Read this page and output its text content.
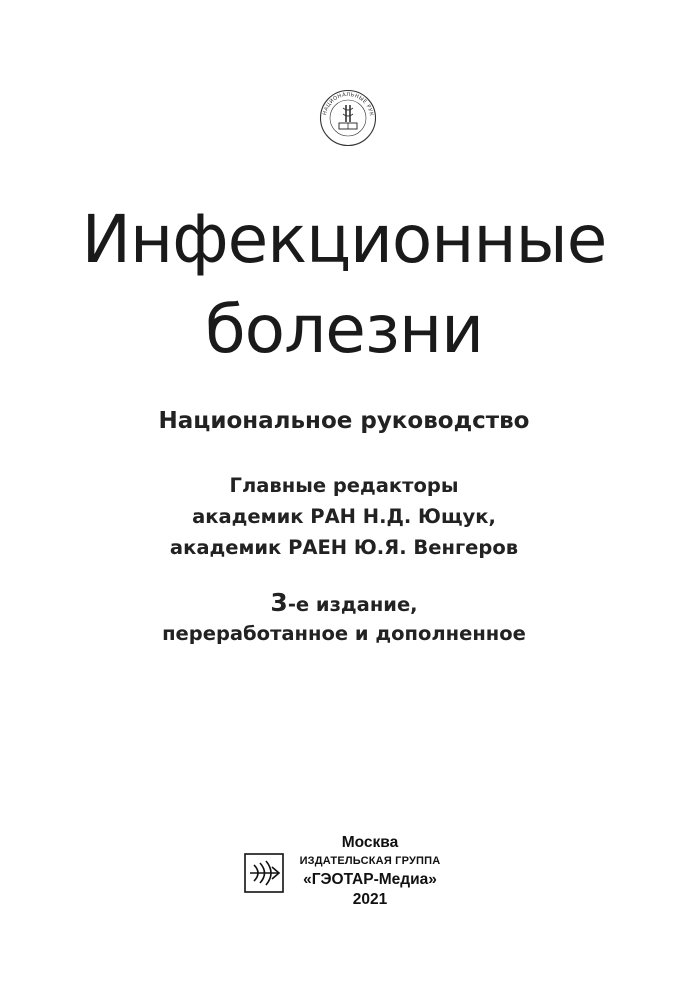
НАЦИОНАЛЬНЫЕ РУК
Инфекционные
болезни
Национальное руководство
Главные редакторы
академик РАН Н.Д. Ющук,
академик РАЕН Ю.Я. Венгеров
3-е издание,
переработанное и дополненное
Москва
ИЗДАТЕЛЬСКАЯ ГРУППА
«ГЭОТАР-Медиа»
2021
